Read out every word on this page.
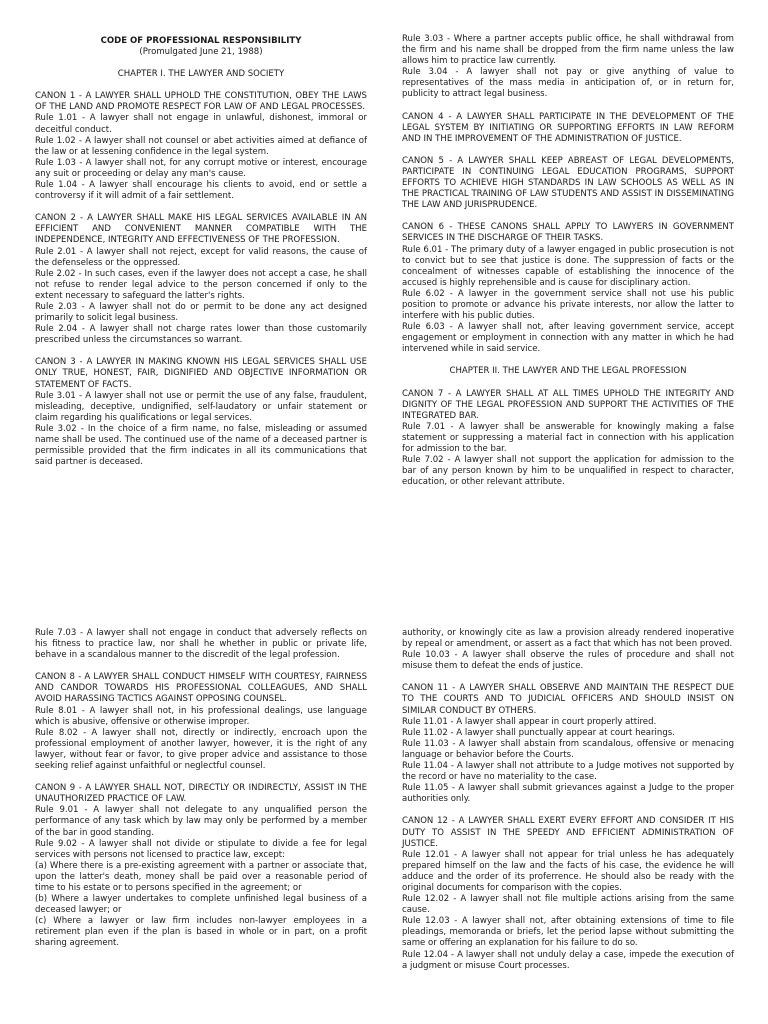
CODE OF PROFESSIONAL RESPONSIBILITY

(Promulgated June 21, 1988)

CHAPTER I. THE LAWYER AND SOCIETY

CANON 1 - A LAWYER SHALL UPHOLD THE CONSTITUTION, OBEY THE LAWS OF THE LAND AND PROMOTE RESPECT FOR LAW OF AND LEGAL PROCESSES.

Rule 1.01 - A lawyer shall not engage in unlawful, dishonest, immoral or deceitful conduct.

Rule 1.02 - A lawyer shall not counsel or abet activities aimed at defiance of the law or at lessening confidence in the legal system.

Rule 1.03 - A lawyer shall not, for any corrupt motive or interest, encourage any suit or proceeding or delay any man's cause.

Rule 1.04 - A lawyer shall encourage his clients to avoid, end or settle a controversy if it will admit of a fair settlement.

CANON 2 - A LAWYER SHALL MAKE HIS LEGAL SERVICES AVAILABLE IN AN EFFICIENT AND CONVENIENT MANNER COMPATIBLE WITH THE INDEPENDENCE, INTEGRITY AND EFFECTIVENESS OF THE PROFESSION.

Rule 2.01 - A lawyer shall not reject, except for valid reasons, the cause of the defenseless or the oppressed.

Rule 2.02 - In such cases, even if the lawyer does not accept a case, he shall not refuse to render legal advice to the person concerned if only to the extent necessary to safeguard the latter's rights.

Rule 2.03 - A lawyer shall not do or permit to be done any act designed primarily to solicit legal business.

Rule 2.04 - A lawyer shall not charge rates lower than those customarily prescribed unless the circumstances so warrant.

CANON 3 - A LAWYER IN MAKING KNOWN HIS LEGAL SERVICES SHALL USE ONLY TRUE, HONEST, FAIR, DIGNIFIED AND OBJECTIVE INFORMATION OR STATEMENT OF FACTS.

Rule 3.01 - A lawyer shall not use or permit the use of any false, fraudulent, misleading, deceptive, undignified, self-laudatory or unfair statement or claim regarding his qualifications or legal services.

Rule 3.02 - In the choice of a firm name, no false, misleading or assumed name shall be used. The continued use of the name of a deceased partner is permissible provided that the firm indicates in all its communications that said partner is deceased.

Rule 3.03 - Where a partner accepts public office, he shall withdrawal from the firm and his name shall be dropped from the firm name unless the law allows him to practice law currently.

Rule 3.04 - A lawyer shall not pay or give anything of value to representatives of the mass media in anticipation of, or in return for, publicity to attract legal business.

CANON 4 - A LAWYER SHALL PARTICIPATE IN THE DEVELOPMENT OF THE LEGAL SYSTEM BY INITIATING OR SUPPORTING EFFORTS IN LAW REFORM AND IN THE IMPROVEMENT OF THE ADMINISTRATION OF JUSTICE.

CANON 5 - A LAWYER SHALL KEEP ABREAST OF LEGAL DEVELOPMENTS, PARTICIPATE IN CONTINUING LEGAL EDUCATION PROGRAMS, SUPPORT EFFORTS TO ACHIEVE HIGH STANDARDS IN LAW SCHOOLS AS WELL AS IN THE PRACTICAL TRAINING OF LAW STUDENTS AND ASSIST IN DISSEMINATING THE LAW AND JURISPRUDENCE.

CANON 6 - THESE CANONS SHALL APPLY TO LAWYERS IN GOVERNMENT SERVICES IN THE DISCHARGE OF THEIR TASKS.

Rule 6.01 - The primary duty of a lawyer engaged in public prosecution is not to convict but to see that justice is done. The suppression of facts or the concealment of witnesses capable of establishing the innocence of the accused is highly reprehensible and is cause for disciplinary action.

Rule 6.02 - A lawyer in the government service shall not use his public position to promote or advance his private interests, nor allow the latter to interfere with his public duties.

Rule 6.03 - A lawyer shall not, after leaving government service, accept engagement or employment in connection with any matter in which he had intervened while in said service.

CHAPTER II. THE LAWYER AND THE LEGAL PROFESSION

CANON 7 - A LAWYER SHALL AT ALL TIMES UPHOLD THE INTEGRITY AND DIGNITY OF THE LEGAL PROFESSION AND SUPPORT THE ACTIVITIES OF THE INTEGRATED BAR.

Rule 7.01 - A lawyer shall be answerable for knowingly making a false statement or suppressing a material fact in connection with his application for admission to the bar.

Rule 7.02 - A lawyer shall not support the application for admission to the bar of any person known by him to be unqualified in respect to character, education, or other relevant attribute.

Rule 7.03 - A lawyer shall not engage in conduct that adversely reflects on his fitness to practice law, nor shall he whether in public or private life, behave in a scandalous manner to the discredit of the legal profession.

CANON 8 - A LAWYER SHALL CONDUCT HIMSELF WITH COURTESY, FAIRNESS AND CANDOR TOWARDS HIS PROFESSIONAL COLLEAGUES, AND SHALL AVOID HARASSING TACTICS AGAINST OPPOSING COUNSEL.

Rule 8.01 - A lawyer shall not, in his professional dealings, use language which is abusive, offensive or otherwise improper.

Rule 8.02 - A lawyer shall not, directly or indirectly, encroach upon the professional employment of another lawyer, however, it is the right of any lawyer, without fear or favor, to give proper advice and assistance to those seeking relief against unfaithful or neglectful counsel.

CANON 9 - A LAWYER SHALL NOT, DIRECTLY OR INDIRECTLY, ASSIST IN THE UNAUTHORIZED PRACTICE OF LAW.

Rule 9.01 - A lawyer shall not delegate to any unqualified person the performance of any task which by law may only be performed by a member of the bar in good standing.

Rule 9.02 - A lawyer shall not divide or stipulate to divide a fee for legal services with persons not licensed to practice law, except:

(a) Where there is a pre-existing agreement with a partner or associate that, upon the latter's death, money shall be paid over a reasonable period of time to his estate or to persons specified in the agreement; or

(b) Where a lawyer undertakes to complete unfinished legal business of a deceased lawyer; or

(c) Where a lawyer or law firm includes non-lawyer employees in a retirement plan even if the plan is based in whole or in part, on a profit sharing agreement.

authority, or knowingly cite as law a provision already rendered inoperative by repeal or amendment, or assert as a fact that which has not been proved.

Rule 10.03 - A lawyer shall observe the rules of procedure and shall not misuse them to defeat the ends of justice.

CANON 11 - A LAWYER SHALL OBSERVE AND MAINTAIN THE RESPECT DUE TO THE COURTS AND TO JUDICIAL OFFICERS AND SHOULD INSIST ON SIMILAR CONDUCT BY OTHERS.

Rule 11.01 - A lawyer shall appear in court properly attired.

Rule 11.02 - A lawyer shall punctually appear at court hearings.

Rule 11.03 - A lawyer shall abstain from scandalous, offensive or menacing language or behavior before the Courts.

Rule 11.04 - A lawyer shall not attribute to a Judge motives not supported by the record or have no materiality to the case.

Rule 11.05 - A lawyer shall submit grievances against a Judge to the proper authorities only.

CANON 12 - A LAWYER SHALL EXERT EVERY EFFORT AND CONSIDER IT HIS DUTY TO ASSIST IN THE SPEEDY AND EFFICIENT ADMINISTRATION OF JUSTICE.

Rule 12.01 - A lawyer shall not appear for trial unless he has adequately prepared himself on the law and the facts of his case, the evidence he will adduce and the order of its proferrence. He should also be ready with the original documents for comparison with the copies.

Rule 12.02 - A lawyer shall not file multiple actions arising from the same cause.

Rule 12.03 - A lawyer shall not, after obtaining extensions of time to file pleadings, memoranda or briefs, let the period lapse without submitting the same or offering an explanation for his failure to do so.

Rule 12.04 - A lawyer shall not unduly delay a case, impede the execution of a judgment or misuse Court processes.
